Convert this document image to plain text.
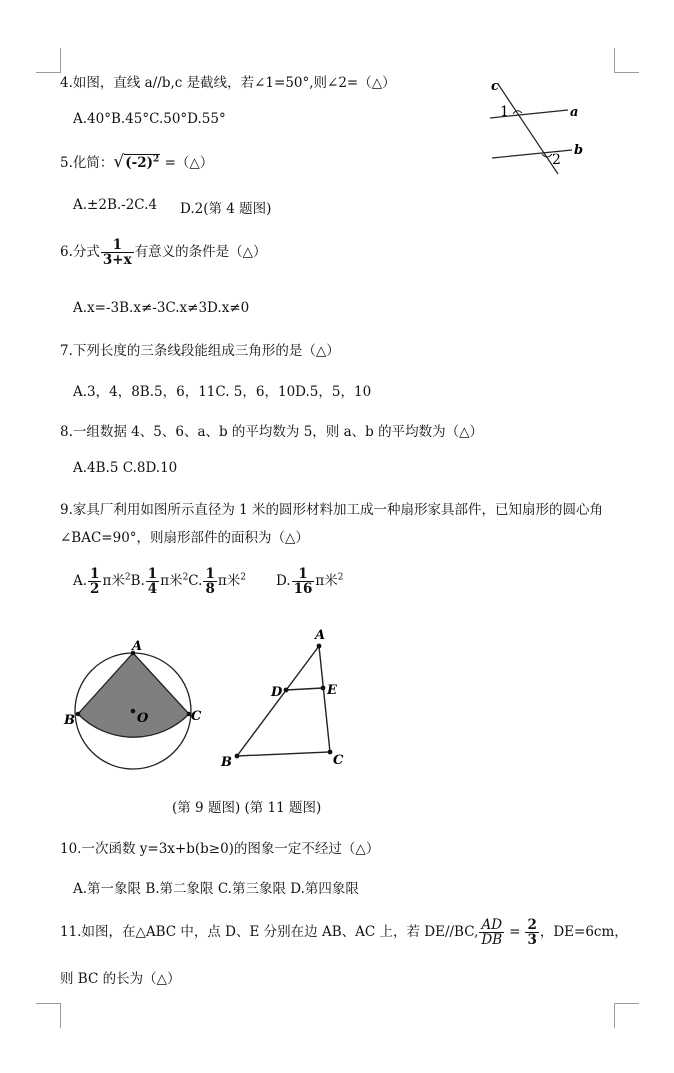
4.如图，直线 a//b,c 是截线，若∠1=50°,则∠2=（△）
A.40°B.45°C.50°D.55°
c
a
b
1
2
5.化简：$√(-2)^2$ =（△）
A.±2B.-2C.4 D.2(第 4 题图)
6.分式 $\frac{1}{3+x}$ 有意义的条件是（△）
A.x=-3B.x≠-3C.x≠3D.x≠0
7.下列长度的三条线段能组成三角形的是（△）
A.3，4，8B.5，6，11C. 5，6，10D.5，5，10
8.一组数据 4、5、6、a、b 的平均数为 5，则 a、b 的平均数为（△）
A.4B.5 C.8D.10
9.家具厂利用如图所示直径为 1 米的圆形材料加工成一种扇形家具部件，已知扇形的圆心角
∠BAC=90°，则扇形部件的面积为（△）
A. $\frac{1}{2}$ π米$^2$B. $\frac{1}{4}$ π米$^2$C. $\frac{1}{8}$ π米$^2$ D. $\frac{1}{16}$ π米$^2$
A
B	C
O
A
D	E
B	C
(第 9 题图) (第 11 题图)
10.一次函数 y=3x+b(b≥0)的图象一定不经过（△）
A.第一象限 B.第二象限 C.第三象限 D.第四象限
11.如图，在△ABC 中，点 D、E 分别在边 AB、AC 上，若 DE//BC, $\frac{AD}{DB} = \frac{2}{3}$ ，DE=6cm，
则 BC 的长为（△）
